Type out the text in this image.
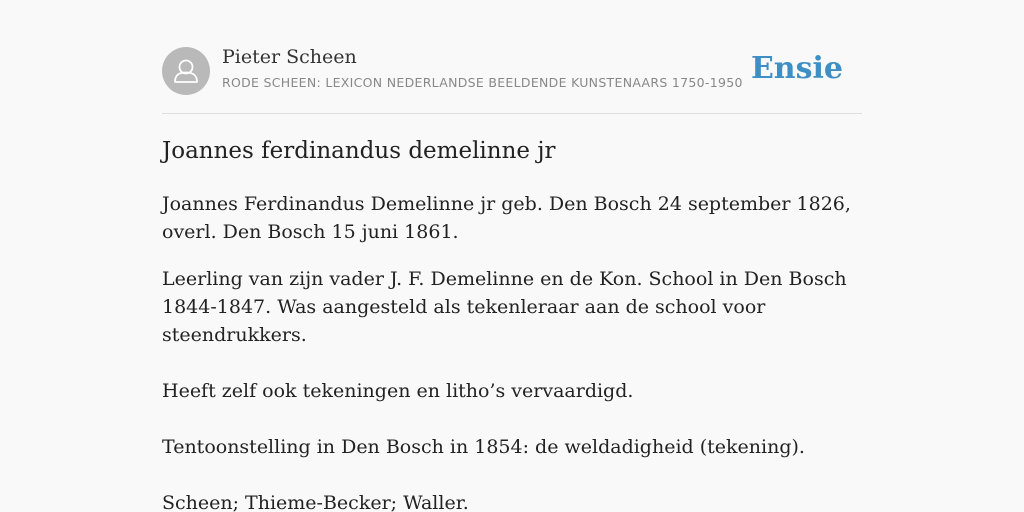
Pieter Scheen
RODE SCHEEN: LEXICON NEDERLANDSE BEELDENDE KUNSTENAARS 1750-1950 Ensie
Joannes ferdinandus demelinne jr

Joannes Ferdinandus Demelinne jr geb. Den Bosch 24 september 1826, overl. Den Bosch 15 juni 1861.

Leerling van zijn vader J. F. Demelinne en de Kon. School in Den Bosch 1844-1847. Was aangesteld als tekenleraar aan de school voor steendrukkers.

Heeft zelf ook tekeningen en litho’s vervaardigd.

Tentoonstelling in Den Bosch in 1854: de weldadigheid (tekening).

Scheen; Thieme-Becker; Waller.
